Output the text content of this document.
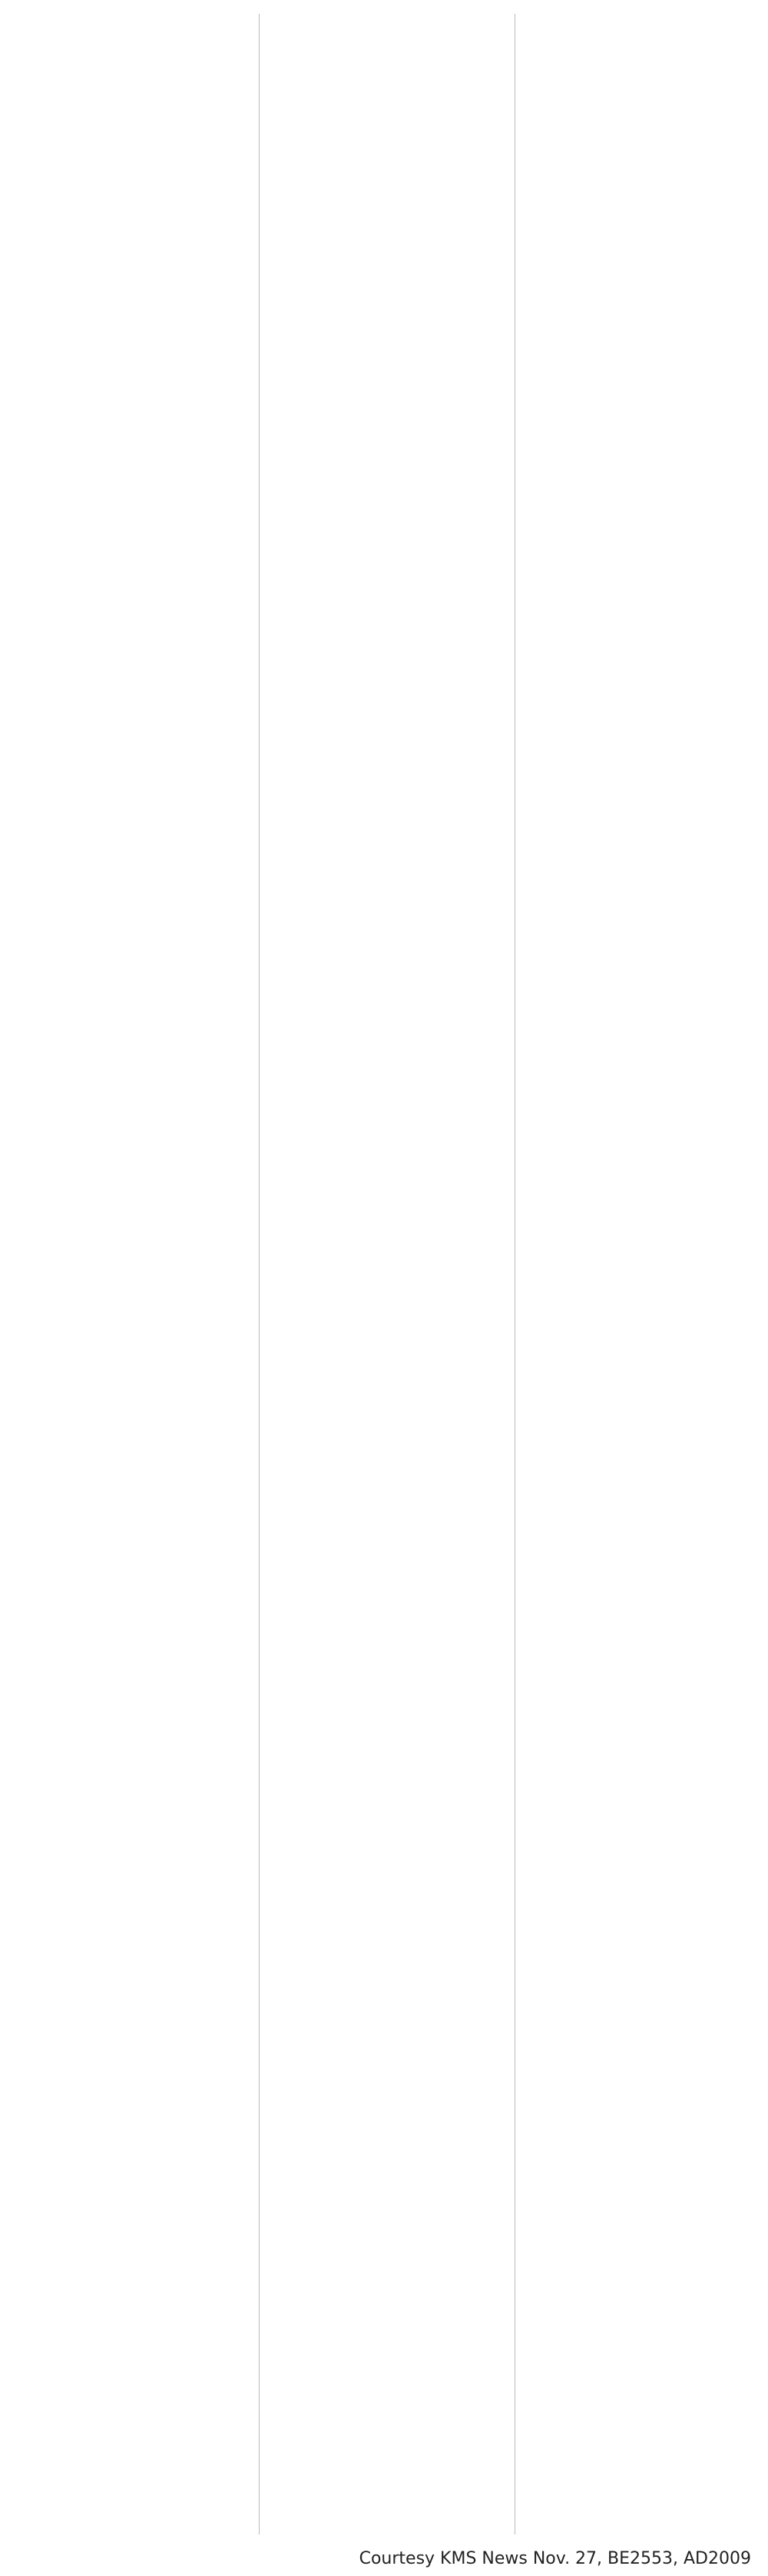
Courtesy KMS News Nov. 27, BE2553, AD2009
